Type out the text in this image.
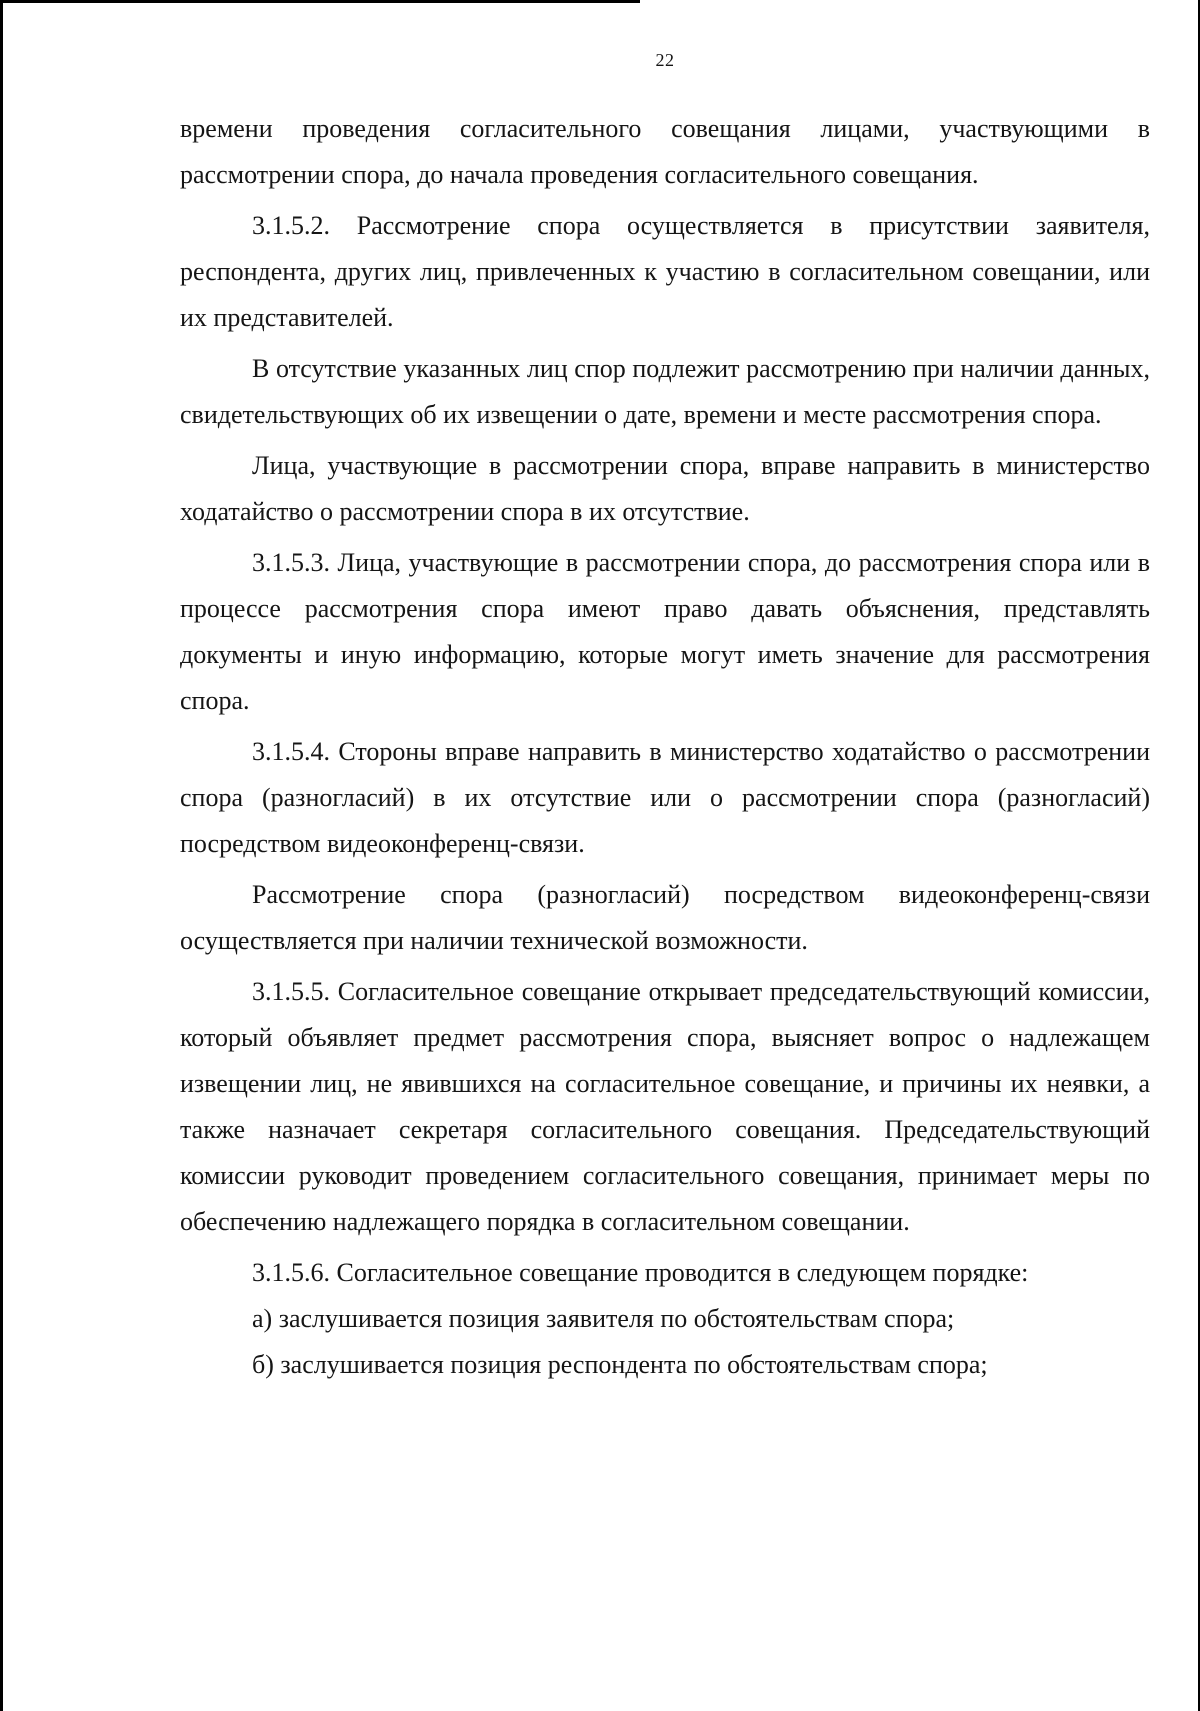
22

времени проведения согласительного совещания лицами, участвующими в рассмотрении спора, до начала проведения согласительного совещания.

3.1.5.2. Рассмотрение спора осуществляется в присутствии заявителя, респондента, других лиц, привлеченных к участию в согласительном совещании, или их представителей.

В отсутствие указанных лиц спор подлежит рассмотрению при наличии данных, свидетельствующих об их извещении о дате, времени и месте рассмотрения спора.

Лица, участвующие в рассмотрении спора, вправе направить в министерство ходатайство о рассмотрении спора в их отсутствие.

3.1.5.3. Лица, участвующие в рассмотрении спора, до рассмотрения спора или в процессе рассмотрения спора имеют право давать объяснения, представлять документы и иную информацию, которые могут иметь значение для рассмотрения спора.

3.1.5.4. Стороны вправе направить в министерство ходатайство о рассмотрении спора (разногласий) в их отсутствие или о рассмотрении спора (разногласий) посредством видеоконференц-связи.

Рассмотрение спора (разногласий) посредством видеоконференц-связи осуществляется при наличии технической возможности.

3.1.5.5. Согласительное совещание открывает председательствующий комиссии, который объявляет предмет рассмотрения спора, выясняет вопрос о надлежащем извещении лиц, не явившихся на согласительное совещание, и причины их неявки, а также назначает секретаря согласительного совещания. Председательствующий комиссии руководит проведением согласительного совещания, принимает меры по обеспечению надлежащего порядка в согласительном совещании.

3.1.5.6. Согласительное совещание проводится в следующем порядке:

а) заслушивается позиция заявителя по обстоятельствам спора;

б) заслушивается позиция респондента по обстоятельствам спора;
